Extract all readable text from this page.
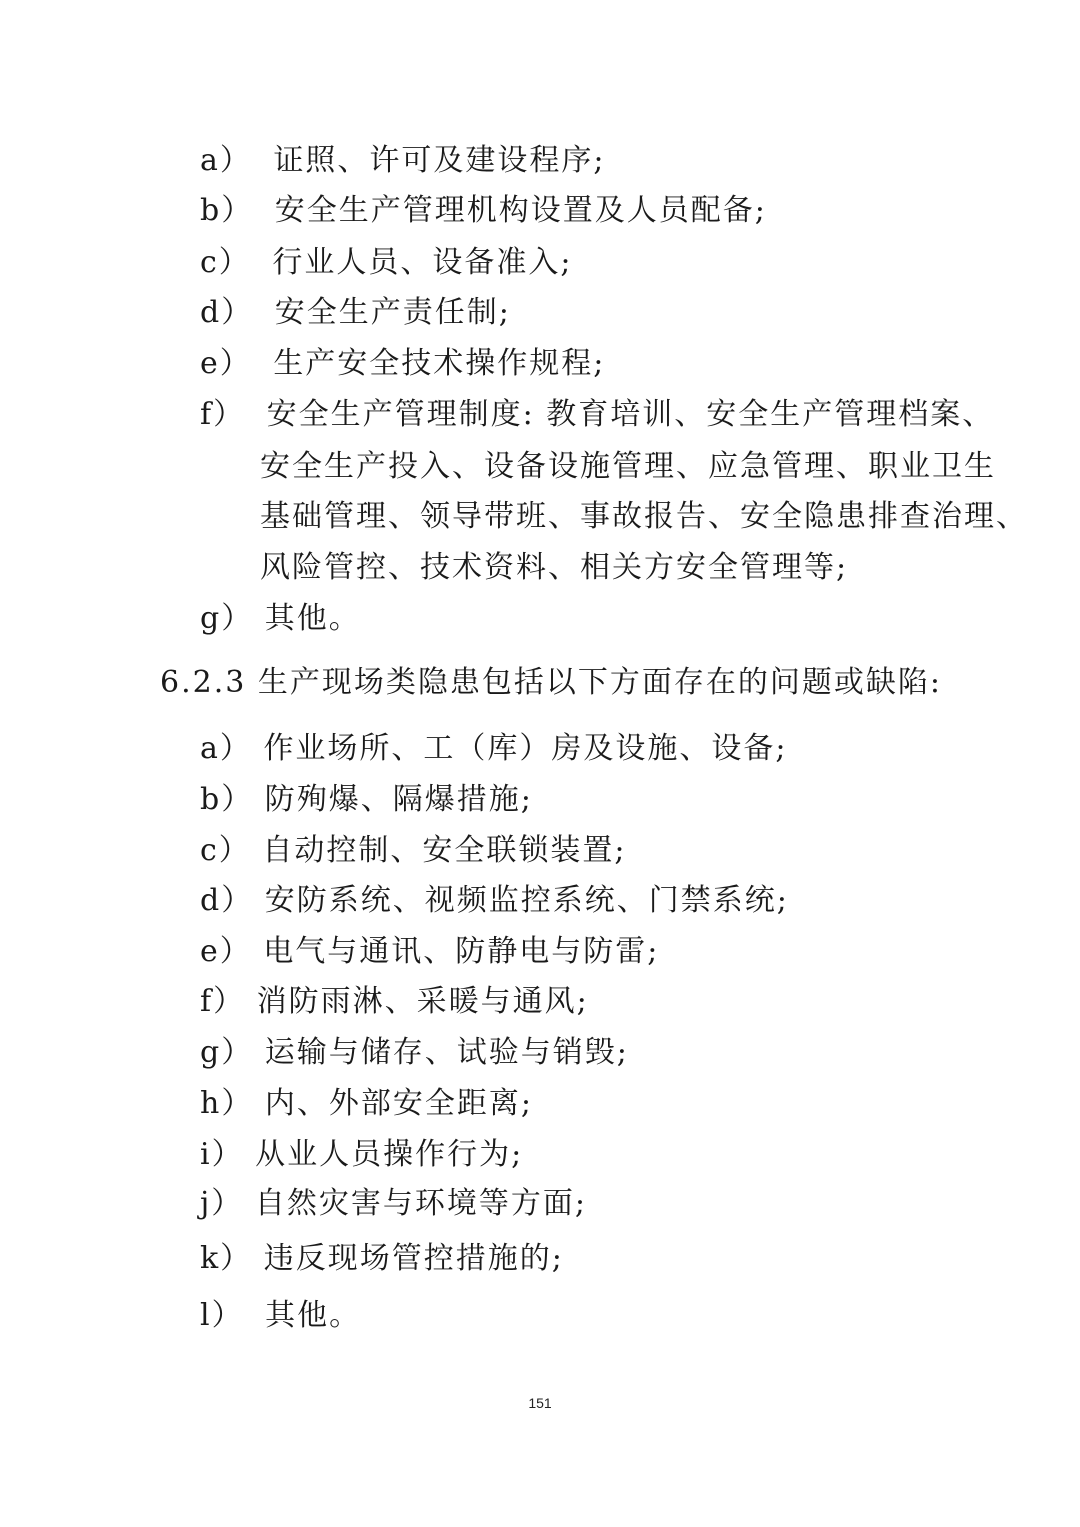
a） 证照、许可及建设程序;
b） 安全生产管理机构设置及人员配备;
c） 行业人员、设备准入;
d） 安全生产责任制;
e） 生产安全技术操作规程;
f） 安全生产管理制度: 教育培训、安全生产管理档案、
安全生产投入、设备设施管理、应急管理、职业卫生
基础管理、领导带班、事故报告、安全隐患排查治理、
风险管控、技术资料、相关方安全管理等;
g） 其他。
6.2.3 生产现场类隐患包括以下方面存在的问题或缺陷:
a） 作业场所、工（库）房及设施、设备;
b） 防殉爆、隔爆措施;
c） 自动控制、安全联锁装置;
d） 安防系统、视频监控系统、门禁系统;
e） 电气与通讯、防静电与防雷;
f） 消防雨淋、采暖与通风;
g） 运输与储存、试验与销毁;
h） 内、外部安全距离;
i） 从业人员操作行为;
j） 自然灾害与环境等方面;
k） 违反现场管控措施的;
l） 其他。
151
